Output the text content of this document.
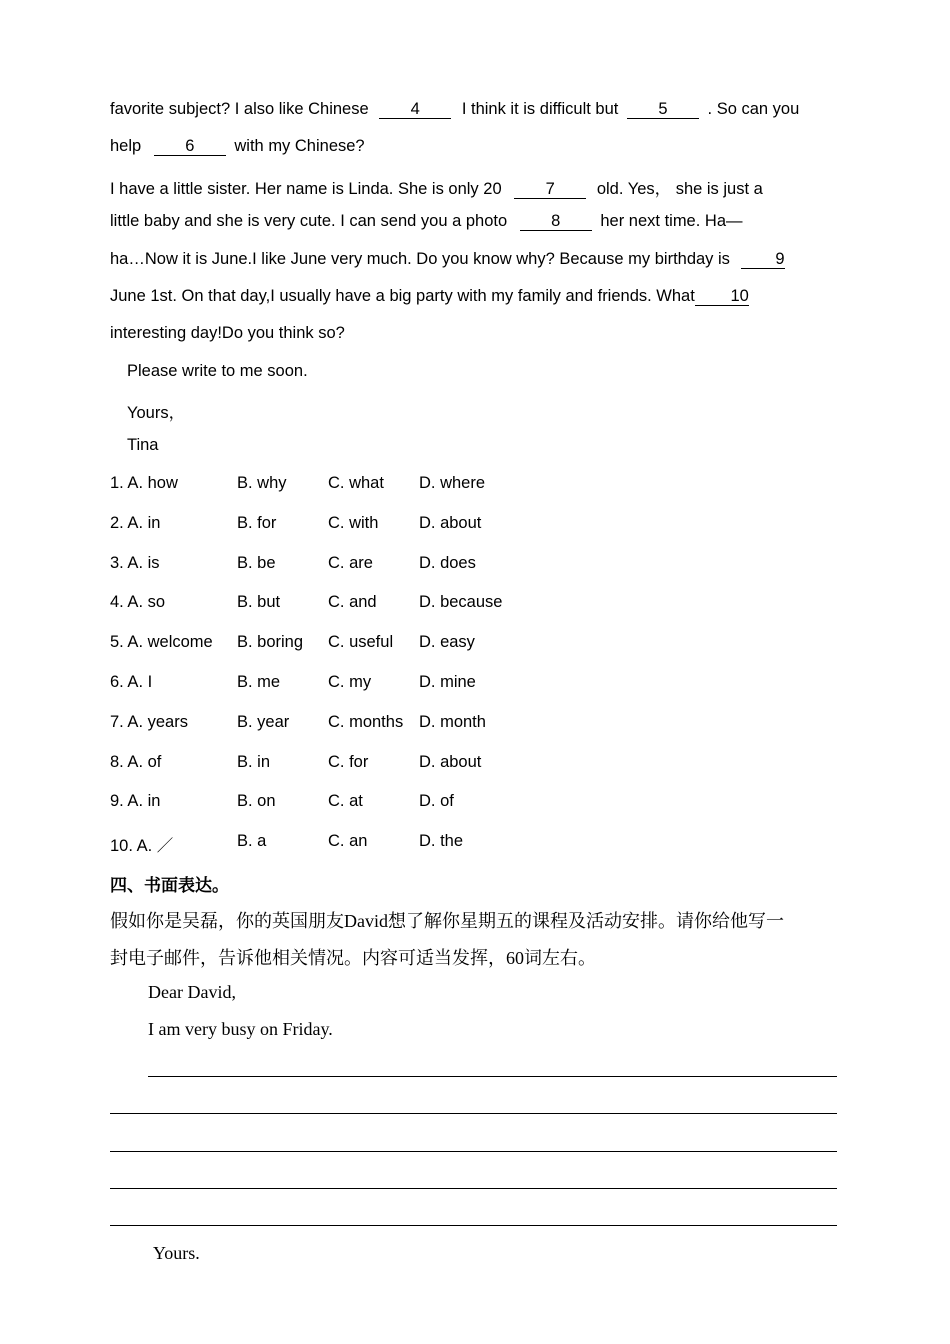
favorite subject? I also like Chinese	4	I think it is difficult but 5 . So can you
help	6 with my Chinese?
I have a little sister. Her name is Linda. She is only 20	7	old. Yes， she is just a
little baby and she is very cute. I can send you a photo	8 her next time. Ha—
ha…Now it is June.I like June very much. Do you know why? Because my birthday is	9
June 1st. On that day,I usually have a big party with my family and friends. What 10
interesting day!Do you think so?
Please write to me soon.
Yours，
Tina
1. A. how	B. why	C. what D. where
2. A. in	B. for	C. with D. about
3. A. is	B. be	C. are	D. does
4. A. so	B. but	C. and	D. because
5. A. welcome B. boring C. useful D. easy
6. A. I	B. me	C. my	D. mine
7. A. years	B. year C. months D. month
8. A. of	B. in	C. for	D. about
9. A. in	B. on	C. at	D. of
10. A. ／	B. a	C. an	D. the
四、书面表达。
假如你是吴磊，你的英国朋友David想了解你星期五的课程及活动安排。请你给他写一
封电子邮件，告诉他相关情况。内容可适当发挥，60词左右。
Dear David,
I am very busy on Friday.
Yours.
